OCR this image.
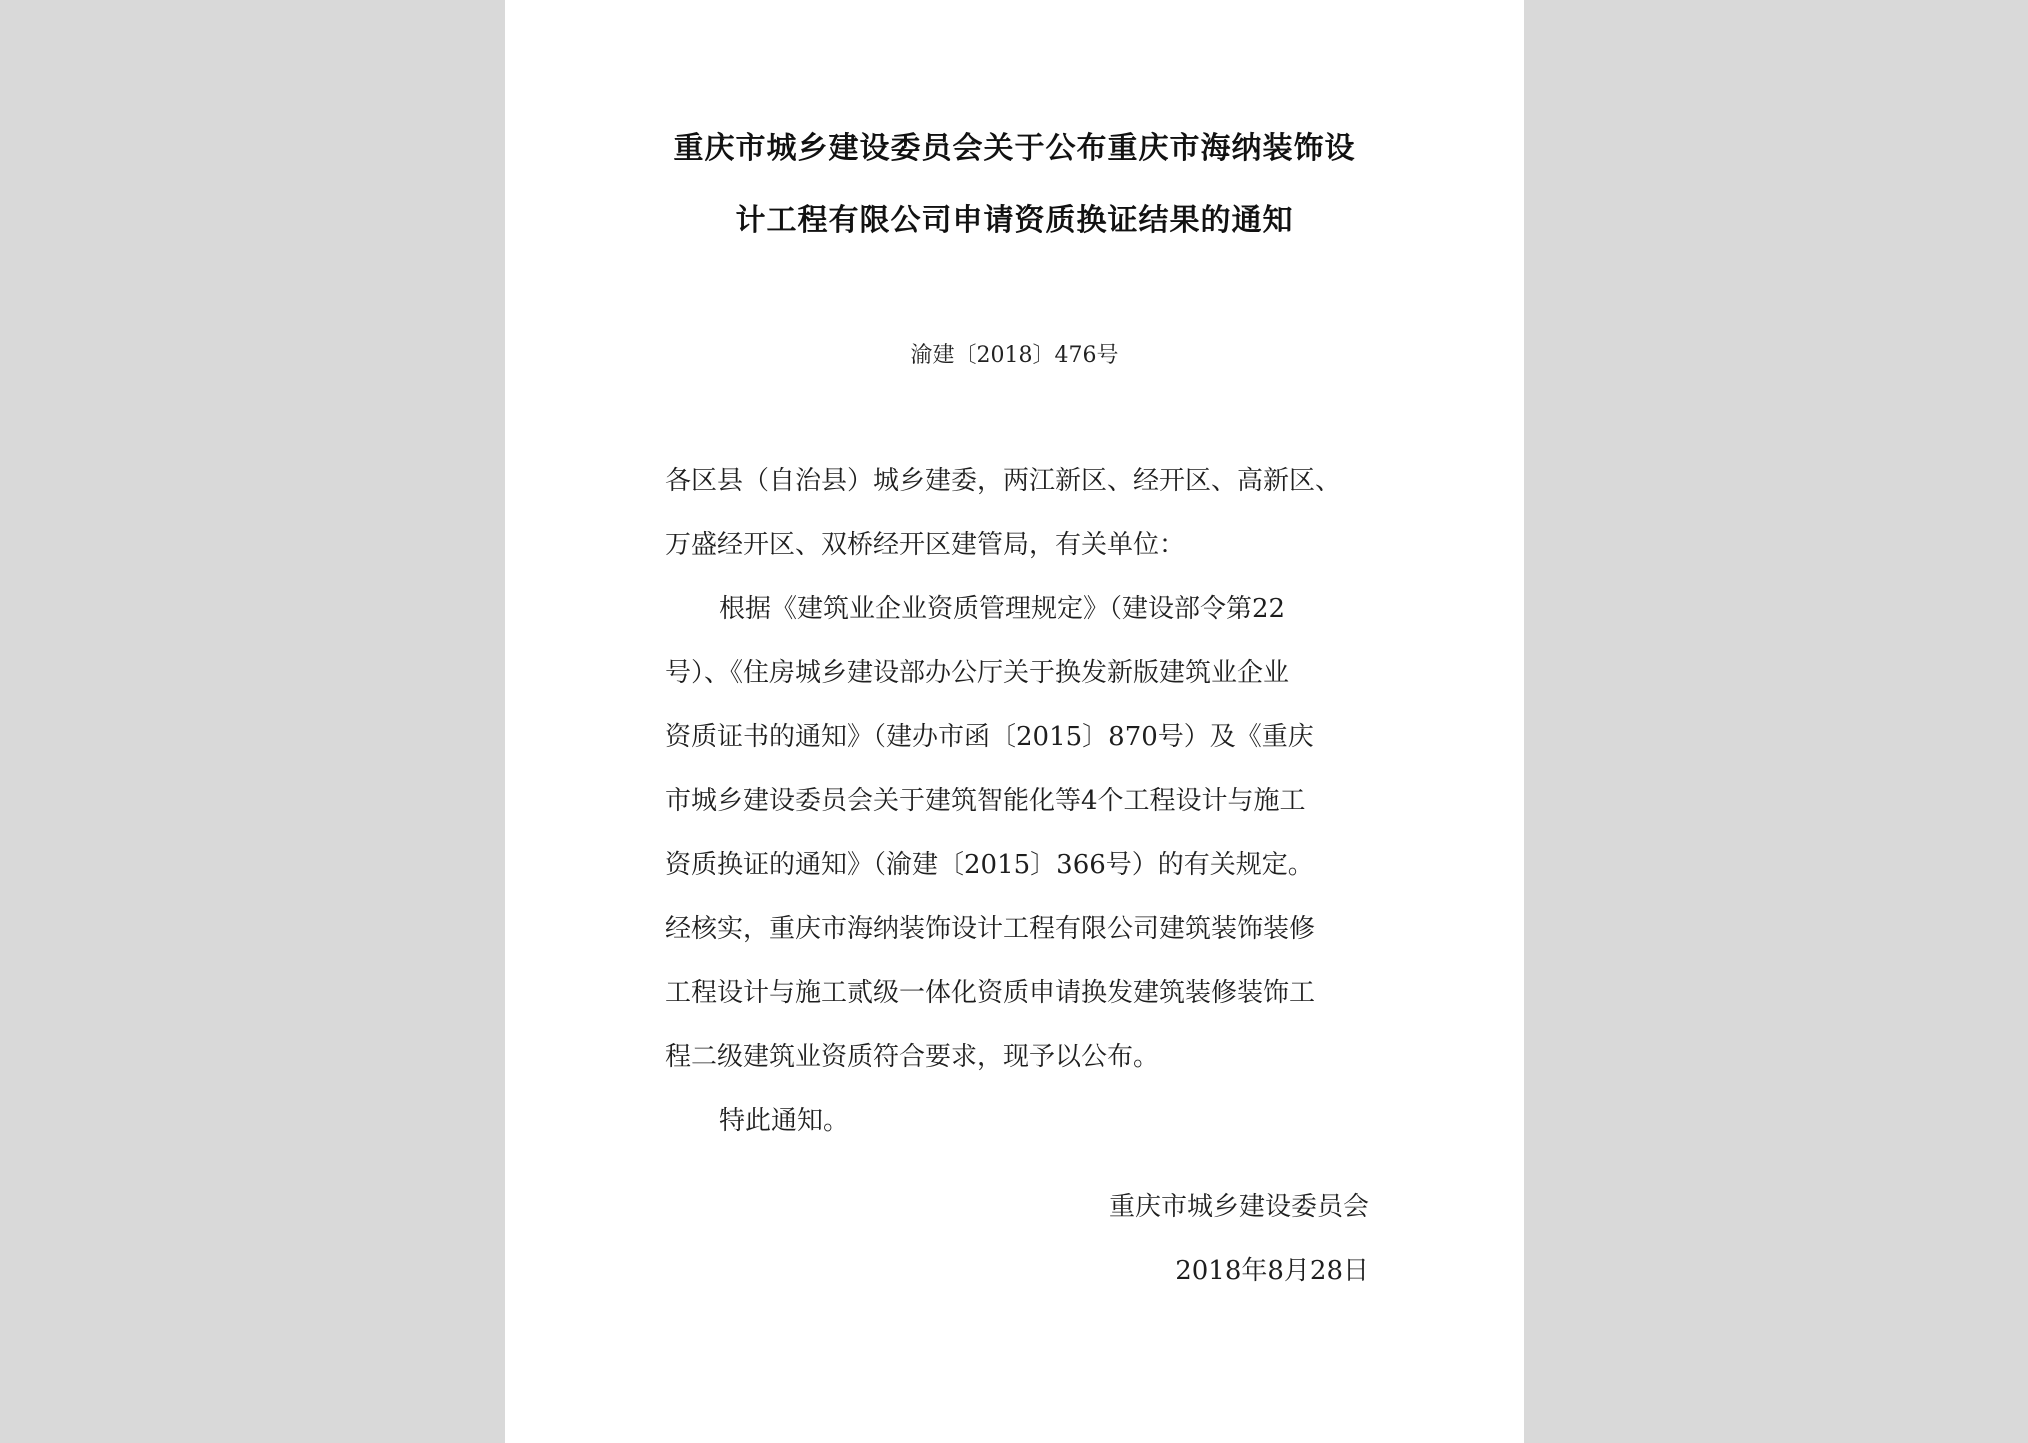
重庆市城乡建设委员会关于公布重庆市海纳装饰设
计工程有限公司申请资质换证结果的通知
渝建〔2018〕476号
各区县（自治县）城乡建委，两江新区、经开区、高新区、
万盛经开区、双桥经开区建管局，有关单位：
根据《建筑业企业资质管理规定》（建设部令第22
号）、《住房城乡建设部办公厅关于换发新版建筑业企业
资质证书的通知》（建办市函〔2015〕870号）及《重庆
市城乡建设委员会关于建筑智能化等4个工程设计与施工
资质换证的通知》（渝建〔2015〕366号）的有关规定。
经核实，重庆市海纳装饰设计工程有限公司建筑装饰装修
工程设计与施工贰级一体化资质申请换发建筑装修装饰工
程二级建筑业资质符合要求，现予以公布。
特此通知。
重庆市城乡建设委员会
2018年8月28日
